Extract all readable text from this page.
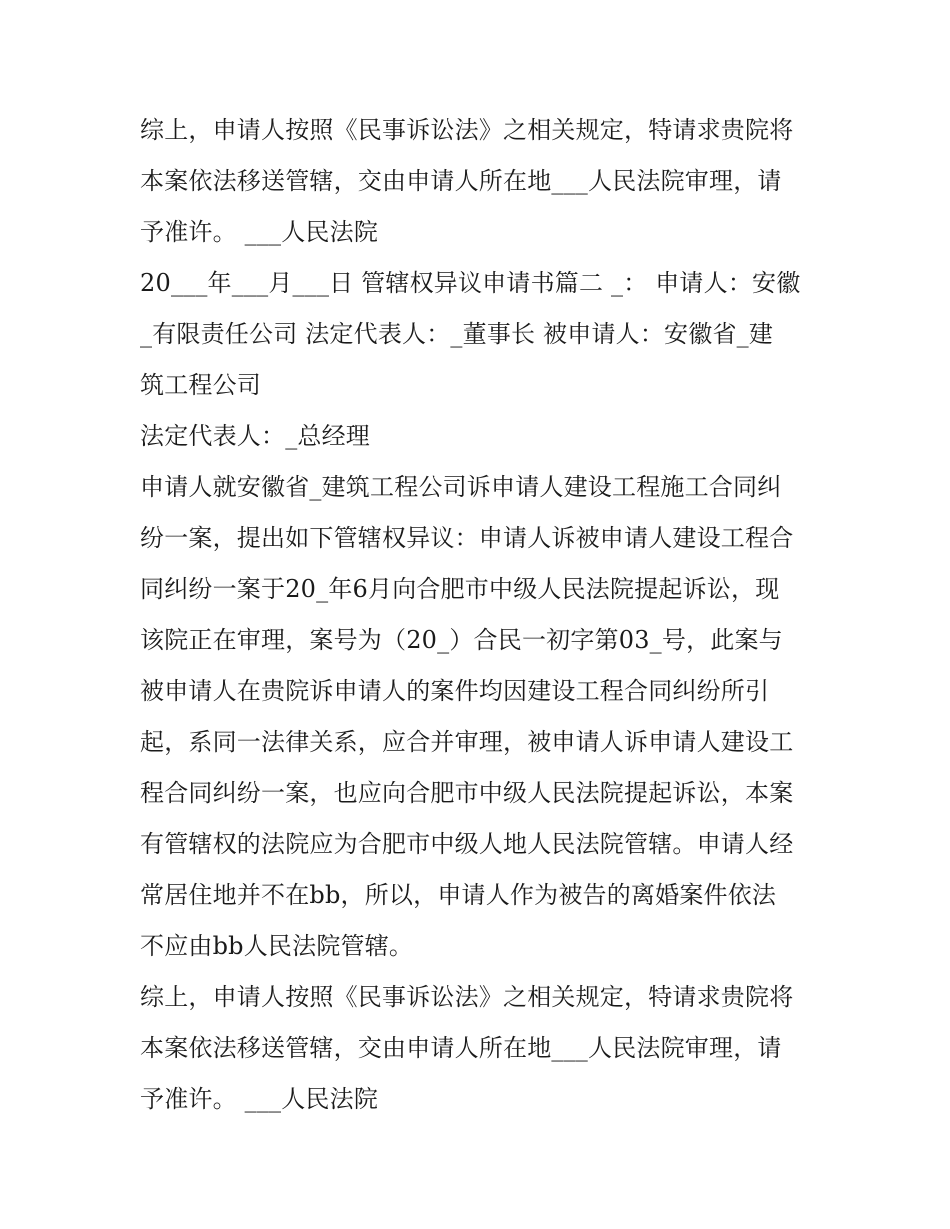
综上，申请人按照《民事诉讼法》之相关规定，特请求贵院将
本案依法移送管辖，交由申请人所在地___人民法院审理，请
予准许。 ___人民法院
20___年___月___日 管辖权异议申请书篇二 _： 申请人：安徽
_有限责任公司 法定代表人：_董事长 被申请人：安徽省_建
筑工程公司
法定代表人：_总经理
申请人就安徽省_建筑工程公司诉申请人建设工程施工合同纠
纷一案，提出如下管辖权异议：申请人诉被申请人建设工程合
同纠纷一案于20_年6月向合肥市中级人民法院提起诉讼，现
该院正在审理，案号为（20_）合民一初字第03_号，此案与
被申请人在贵院诉申请人的案件均因建设工程合同纠纷所引
起，系同一法律关系，应合并审理，被申请人诉申请人建设工
程合同纠纷一案，也应向合肥市中级人民法院提起诉讼，本案
有管辖权的法院应为合肥市中级人地人民法院管辖。申请人经
常居住地并不在bb，所以，申请人作为被告的离婚案件依法
不应由bb人民法院管辖。
综上，申请人按照《民事诉讼法》之相关规定，特请求贵院将
本案依法移送管辖，交由申请人所在地___人民法院审理，请
予准许。 ___人民法院
